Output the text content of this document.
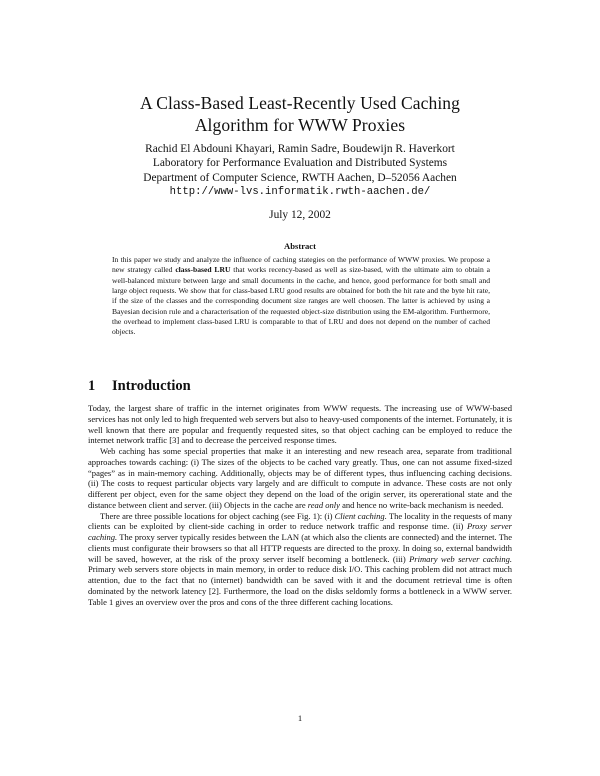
A Class-Based Least-Recently Used Caching
Algorithm for WWW Proxies
Rachid El Abdouni Khayari, Ramin Sadre, Boudewijn R. Haverkort
Laboratory for Performance Evaluation and Distributed Systems
Department of Computer Science, RWTH Aachen, D–52056 Aachen
http://www-lvs.informatik.rwth-aachen.de/
July 12, 2002
Abstract
In this paper we study and analyze the influence of caching stategies on the performance of WWW proxies. We propose a new strategy called class-based LRU that works recency-based as well as size-based, with the ultimate aim to obtain a well-balanced mixture between large and small documents in the cache, and hence, good performance for both small and large object requests. We show that for class-based LRU good results are obtained for both the hit rate and the byte hit rate, if the size of the classes and the corresponding document size ranges are well choosen. The latter is achieved by using a Bayesian decision rule and a characterisation of the requested object-size distribution using the EM-algorithm. Furthermore, the overhead to implement class-based LRU is comparable to that of LRU and does not depend on the number of cached objects.
1 Introduction

Today, the largest share of traffic in the internet originates from WWW requests. The increasing use of WWW-based services has not only led to high frequented web servers but also to heavy-used components of the internet. Fortunately, it is well known that there are popular and frequently requested sites, so that object caching can be employed to reduce the internet network traffic [3] and to decrease the perceived response times.

Web caching has some special properties that make it an interesting and new reseach area, separate from traditional approaches towards caching: (i) The sizes of the objects to be cached vary greatly. Thus, one can not assume fixed-sized “pages” as in main-memory caching. Additionally, objects may be of different types, thus influencing caching decisions. (ii) The costs to request particular objects vary largely and are difficult to compute in advance. These costs are not only different per object, even for the same object they depend on the load of the origin server, its opererational state and the distance between client and server. (iii) Objects in the cache are read only and hence no write-back mechanism is needed.

There are three possible locations for object caching (see Fig. 1): (i) Client caching. The locality in the requests of many clients can be exploited by client-side caching in order to reduce network traffic and response time. (ii) Proxy server caching. The proxy server typically resides between the LAN (at which also the clients are connected) and the internet. The clients must configurate their browsers so that all HTTP requests are directed to the proxy. In doing so, external bandwidth will be saved, however, at the risk of the proxy server itself becoming a bottleneck. (iii) Primary web server caching. Primary web servers store objects in main memory, in order to reduce disk I/O. This caching problem did not attract much attention, due to the fact that no (internet) bandwidth can be saved with it and the document retrieval time is often dominated by the network latency [2]. Furthermore, the load on the disks seldomly forms a bottleneck in a WWW server. Table 1 gives an overview over the pros and cons of the three different caching locations.

1
